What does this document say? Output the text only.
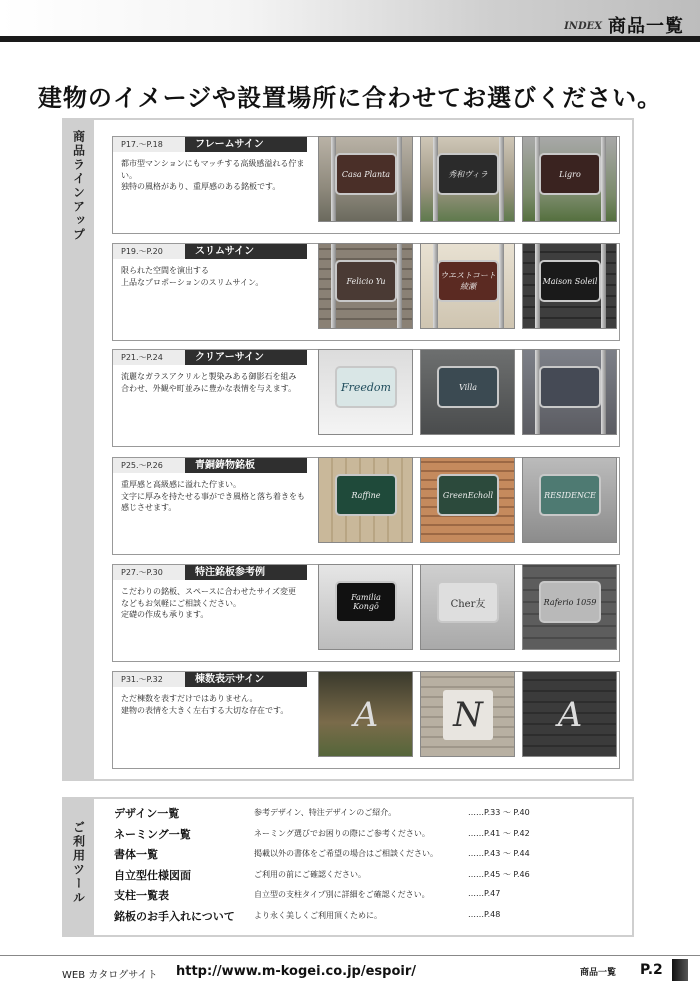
INDEX 商品一覧
建物のイメージや設置場所に合わせてお選びください。
商品ラインアップ	P17.～P.18	フレームサイン
都市型マンションにもマッチする高級感溢れる佇まい。
独特の風格があり、重厚感のある銘板です。
Casa Planta	秀和ヴィラ	Ligro
P19.～P.20	スリムサイン
限られた空間を演出する
上品なプロポーションのスリムサイン。	Felicio Yu
ウエストコート 綾瀬
Maison Soleil
P21.～P.24	クリアーサイン
流麗なガラスアクリルと製染みある御影石を組み
合わせ、外観や町並みに豊かな表情を与えます。	Freedom	Villa
P25.～P.26	青銅鋳物銘板
重厚感と高級感に溢れた佇まい。
文字に厚みを持たせる事ができ風格と落ち着きをも
感じさせます。
Raffine	GreenEcholl	RESIDENCE
P27.～P.30	特注銘板参考例
こだわりの銘板、スペースに合わせたサイズ変更
などもお気軽にご相談ください。
定礎の作成も承ります。
Familia Kongō	Cher友	Raferio 1059
P31.～P.32	棟数表示サイン
ただ棟数を表すだけではありません。
建物の表情を大きく左右する大切な存在です。	A	N	A
ご利用ツール
デザイン一覧	参考デザイン、特注デザインのご紹介。	……P.33 ～ P.40
ネーミング一覧	ネーミング選びでお困りの際にご参考ください。	……P.41 ～ P.42
書体一覧	掲載以外の書体をご希望の場合はご相談ください。	……P.43 ～ P.44
自立型仕様図面	ご利用の前にご確認ください。	……P.45 ～ P.46
支柱一覧表	自立型の支柱タイプ別に詳細をご確認ください。	……P.47
銘板のお手入れについて より永く美しくご利用頂くために。	……P.48
WEB カタログサイト http://www.m-kogei.co.jp/espoir/	商品一覧 P.2
